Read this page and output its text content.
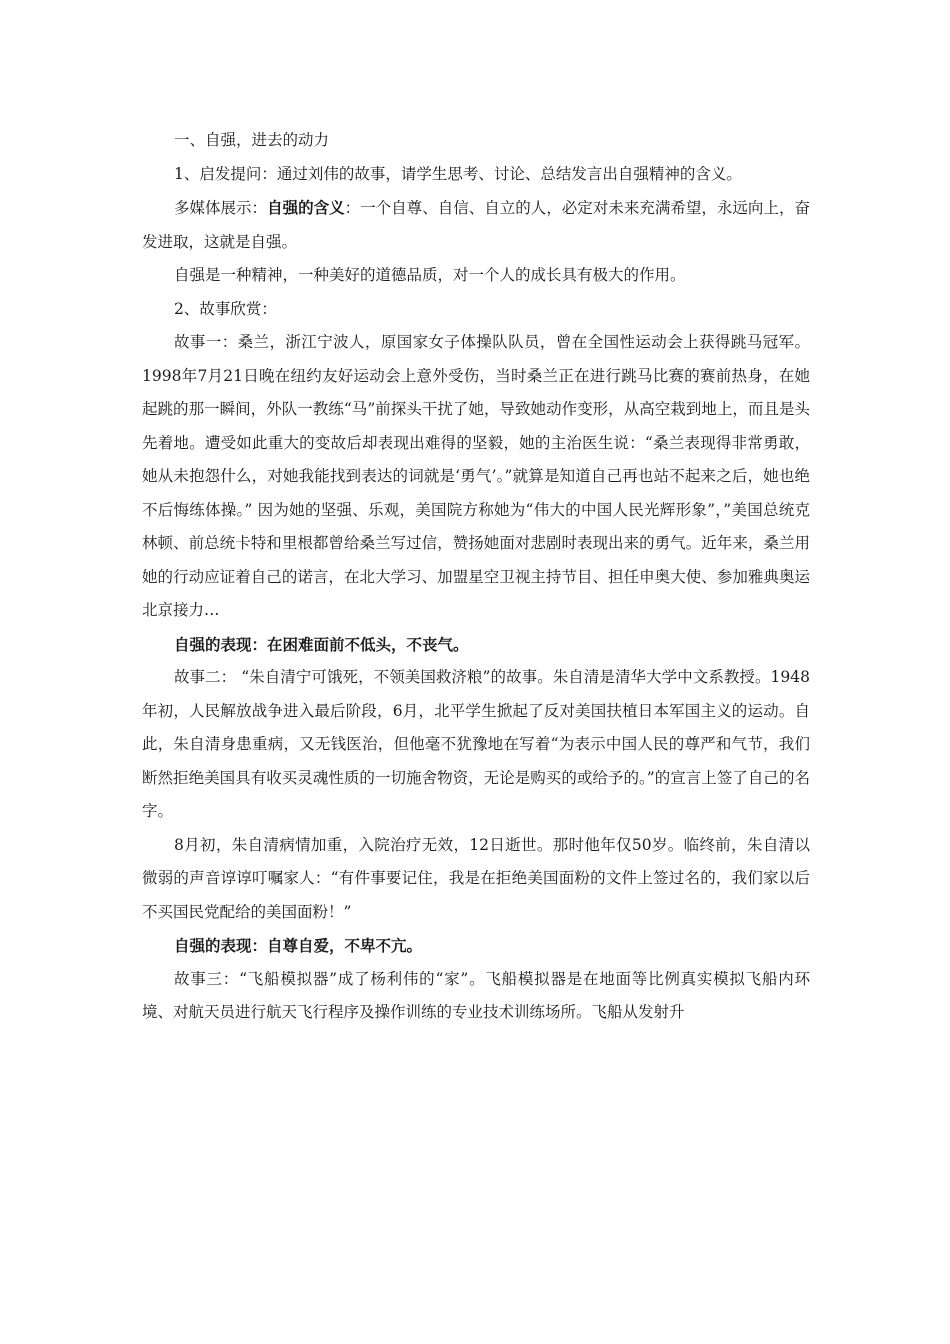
一、自强，进去的动力

1、启发提问：通过刘伟的故事，请学生思考、讨论、总结发言出自强精神的含义。

多媒体展示：自强的含义：一个自尊、自信、自立的人，必定对未来充满希望，永远向上，奋发进取，这就是自强。

自强是一种精神，一种美好的道德品质，对一个人的成长具有极大的作用。

2、故事欣赏：

故事一：桑兰，浙江宁波人，原国家女子体操队队员，曾在全国性运动会上获得跳马冠军。1998年7月21日晚在纽约友好运动会上意外受伤，当时桑兰正在进行跳马比赛的赛前热身，在她起跳的那一瞬间，外队一教练“马”前探头干扰了她，导致她动作变形，从高空栽到地上，而且是头先着地。遭受如此重大的变故后却表现出难得的坚毅，她的主治医生说：“桑兰表现得非常勇敢，她从未抱怨什么，对她我能找到表达的词就是‘勇气’。”就算是知道自己再也站不起来之后，她也绝不后悔练体操。” 因为她的坚强、乐观，美国院方称她为“伟大的中国人民光辉形象”，”美国总统克林顿、前总统卡特和里根都曾给桑兰写过信，赞扬她面对悲剧时表现出来的勇气。近年来，桑兰用她的行动应证着自己的诺言，在北大学习、加盟星空卫视主持节目、担任申奥大使、参加雅典奥运北京接力…

自强的表现：在困难面前不低头，不丧气。

故事二： “朱自清宁可饿死，不领美国救济粮”的故事。朱自清是清华大学中文系教授。1948年初，人民解放战争进入最后阶段，6月，北平学生掀起了反对美国扶植日本军国主义的运动。自此，朱自清身患重病，又无钱医治，但他毫不犹豫地在写着“为表示中国人民的尊严和气节，我们断然拒绝美国具有收买灵魂性质的一切施舍物资，无论是购买的或给予的。”的宣言上签了自己的名字。

8月初，朱自清病情加重，入院治疗无效，12日逝世。那时他年仅50岁。临终前，朱自清以微弱的声音谆谆叮嘱家人：“有件事要记住，我是在拒绝美国面粉的文件上签过名的，我们家以后不买国民党配给的美国面粉！”

自强的表现：自尊自爱，不卑不亢。

故事三：“飞船模拟器”成了杨利伟的“家”。飞船模拟器是在地面等比例真实模拟飞船内环境、对航天员进行航天飞行程序及操作训练的专业技术训练场所。飞船从发射升
